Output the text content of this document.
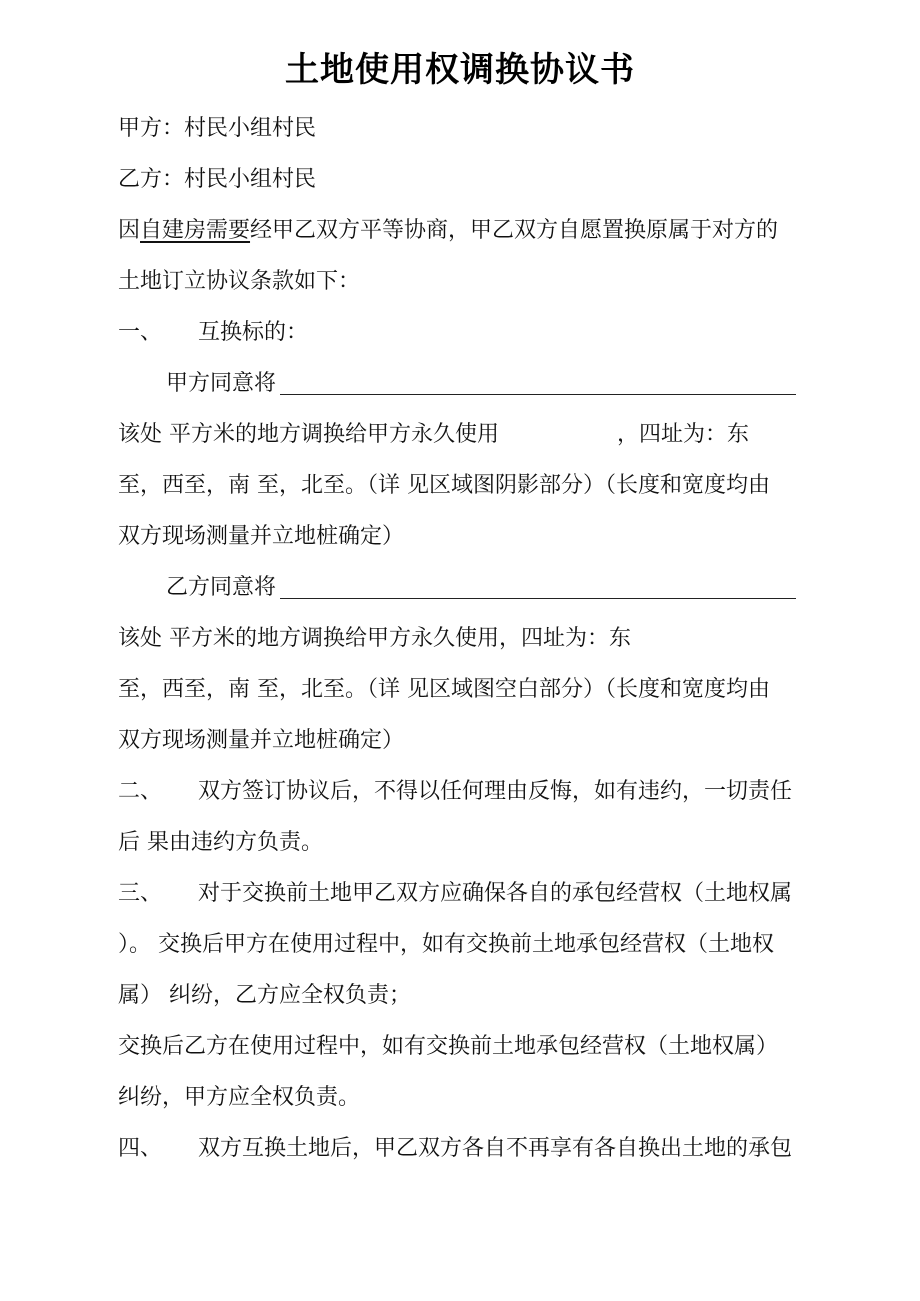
土地使用权调换协议书
甲方：村民小组村民
乙方：村民小组村民
因自建房需要经甲乙双方平等协商，甲乙双方自愿置换原属于对方的
土地订立协议条款如下：
一、 互换标的：
甲方同意将
该处 平方米的地方调换给甲方永久使用	，四址为：东
至，西至，南 至，北至。（详 见区域图阴影部分）（长度和宽度均由
双方现场测量并立地桩确定）
乙方同意将
该处 平方米的地方调换给甲方永久使用，四址为：东
至，西至，南 至，北至。（详 见区域图空白部分）（长度和宽度均由
双方现场测量并立地桩确定）
二、 双方签订协议后，不得以任何理由反悔，如有违约，一切责任
后 果由违约方负责。
三、 对于交换前土地甲乙双方应确保各自的承包经营权（土地权属
）。 交换后甲方在使用过程中，如有交换前土地承包经营权（土地权
属） 纠纷，乙方应全权负责；
交换后乙方在使用过程中，如有交换前土地承包经营权（土地权属）
纠纷，甲方应全权负责。
四、 双方互换土地后，甲乙双方各自不再享有各自换出土地的承包
